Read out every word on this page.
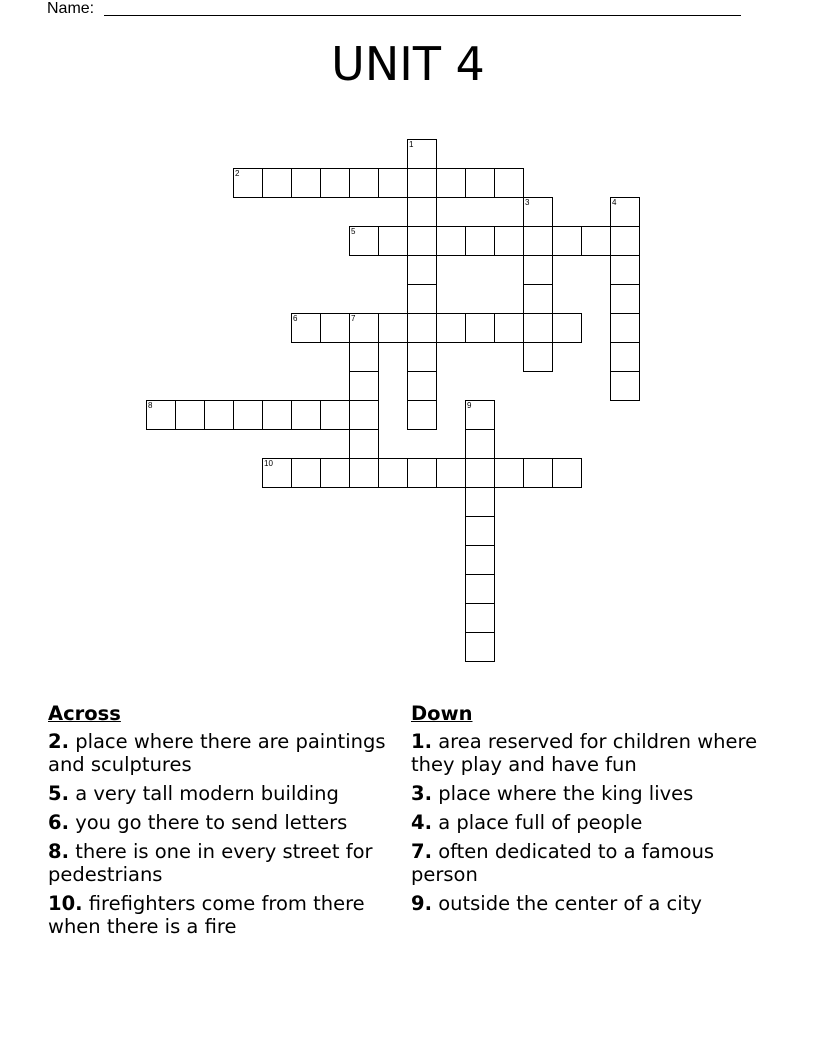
Name:
UNIT 4
1
2
3	4
5
6	7
8	9
10
Across
2. place where there are paintings and sculptures
5. a very tall modern building
6. you go there to send letters
8. there is one in every street for pedestrians
10. firefighters come from there when there is a fire
Down
1. area reserved for children where they play and have fun
3. place where the king lives
4. a place full of people
7. often dedicated to a famous person
9. outside the center of a city
